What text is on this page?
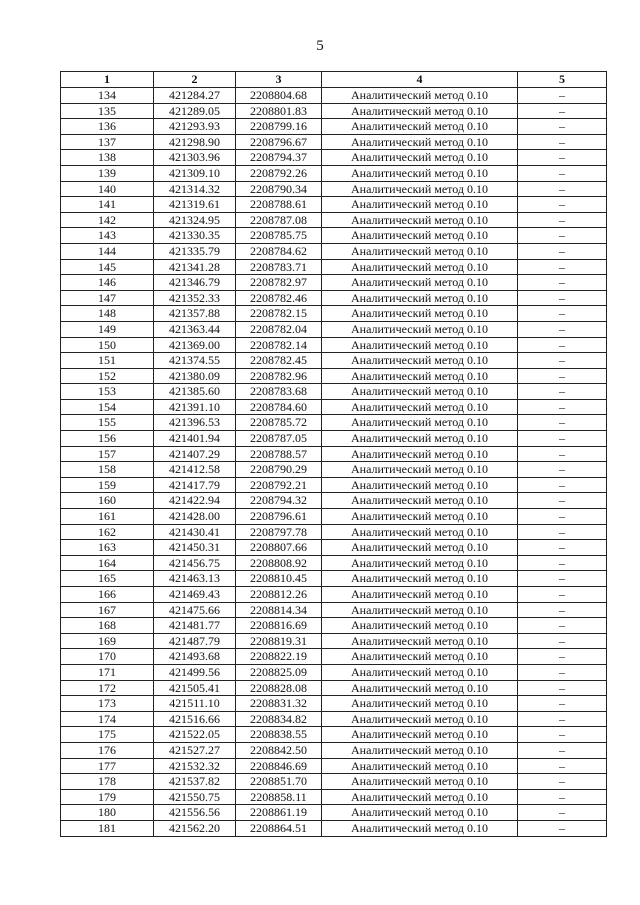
5
1	2	3	4	5
134	421284.27	2208804.68	Аналитический метод 0.10	–
135	421289.05	2208801.83	Аналитический метод 0.10	–
136	421293.93	2208799.16	Аналитический метод 0.10	–
137	421298.90	2208796.67	Аналитический метод 0.10	–
138	421303.96	2208794.37	Аналитический метод 0.10	–
139	421309.10	2208792.26	Аналитический метод 0.10	–
140	421314.32	2208790.34	Аналитический метод 0.10	–
141	421319.61	2208788.61	Аналитический метод 0.10	–
142	421324.95	2208787.08	Аналитический метод 0.10	–
143	421330.35	2208785.75	Аналитический метод 0.10	–
144	421335.79	2208784.62	Аналитический метод 0.10	–
145	421341.28	2208783.71	Аналитический метод 0.10	–
146	421346.79	2208782.97	Аналитический метод 0.10	–
147	421352.33	2208782.46	Аналитический метод 0.10	–
148	421357.88	2208782.15	Аналитический метод 0.10	–
149	421363.44	2208782.04	Аналитический метод 0.10	–
150	421369.00	2208782.14	Аналитический метод 0.10	–
151	421374.55	2208782.45	Аналитический метод 0.10	–
152	421380.09	2208782.96	Аналитический метод 0.10	–
153	421385.60	2208783.68	Аналитический метод 0.10	–
154	421391.10	2208784.60	Аналитический метод 0.10	–
155	421396.53	2208785.72	Аналитический метод 0.10	–
156	421401.94	2208787.05	Аналитический метод 0.10	–
157	421407.29	2208788.57	Аналитический метод 0.10	–
158	421412.58	2208790.29	Аналитический метод 0.10	–
159	421417.79	2208792.21	Аналитический метод 0.10	–
160	421422.94	2208794.32	Аналитический метод 0.10	–
161	421428.00	2208796.61	Аналитический метод 0.10	–
162	421430.41	2208797.78	Аналитический метод 0.10	–
163	421450.31	2208807.66	Аналитический метод 0.10	–
164	421456.75	2208808.92	Аналитический метод 0.10	–
165	421463.13	2208810.45	Аналитический метод 0.10	–
166	421469.43	2208812.26	Аналитический метод 0.10	–
167	421475.66	2208814.34	Аналитический метод 0.10	–
168	421481.77	2208816.69	Аналитический метод 0.10	–
169	421487.79	2208819.31	Аналитический метод 0.10	–
170	421493.68	2208822.19	Аналитический метод 0.10	–
171	421499.56	2208825.09	Аналитический метод 0.10	–
172	421505.41	2208828.08	Аналитический метод 0.10	–
173	421511.10	2208831.32	Аналитический метод 0.10	–
174	421516.66	2208834.82	Аналитический метод 0.10	–
175	421522.05	2208838.55	Аналитический метод 0.10	–
176	421527.27	2208842.50	Аналитический метод 0.10	–
177	421532.32	2208846.69	Аналитический метод 0.10	–
178	421537.82	2208851.70	Аналитический метод 0.10	–
179	421550.75	2208858.11	Аналитический метод 0.10	–
180	421556.56	2208861.19	Аналитический метод 0.10	–
181	421562.20	2208864.51	Аналитический метод 0.10	–
